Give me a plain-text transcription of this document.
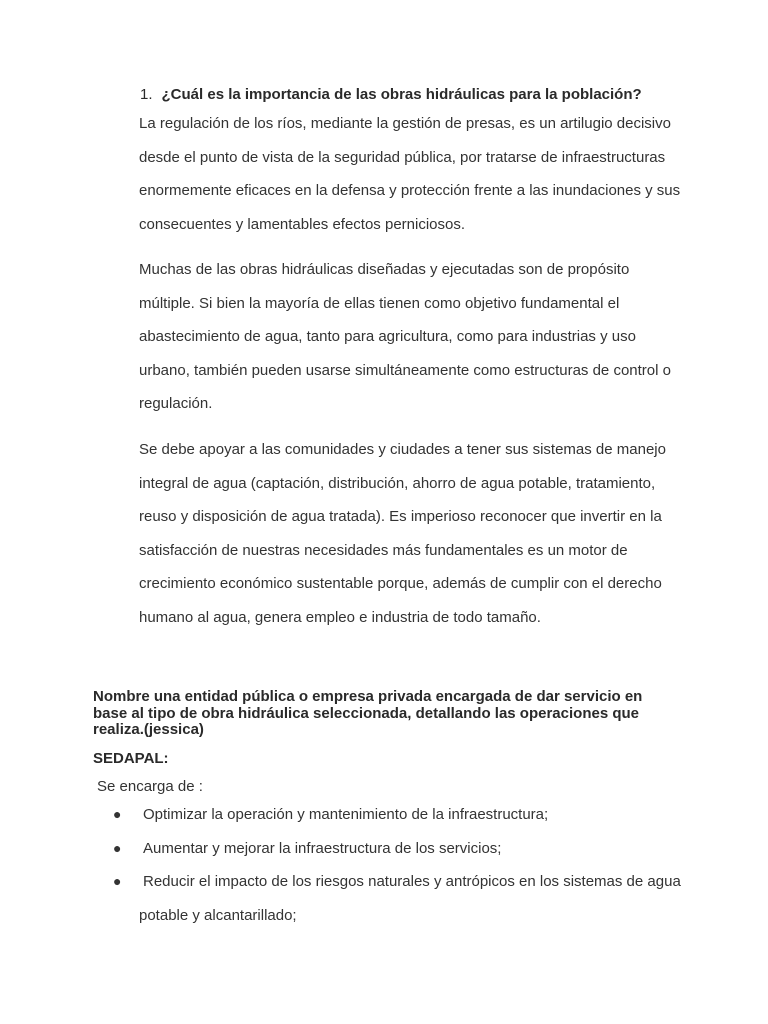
1. ¿Cuál es la importancia de las obras hidráulicas para la población?

La regulación de los ríos, mediante la gestión de presas, es un artilugio decisivo desde el punto de vista de la seguridad pública, por tratarse de infraestructuras enormemente eficaces en la defensa y protección frente a las inundaciones y sus consecuentes y lamentables efectos perniciosos.

Muchas de las obras hidráulicas diseñadas y ejecutadas son de propósito múltiple. Si bien la mayoría de ellas tienen como objetivo fundamental el abastecimiento de agua, tanto para agricultura, como para industrias y uso urbano, también pueden usarse simultáneamente como estructuras de control o regulación.

Se debe apoyar a las comunidades y ciudades a tener sus sistemas de manejo integral de agua (captación, distribución, ahorro de agua potable, tratamiento, reuso y disposición de agua tratada). Es imperioso reconocer que invertir en la satisfacción de nuestras necesidades más fundamentales es un motor de crecimiento económico sustentable porque, además de cumplir con el derecho humano al agua, genera empleo e industria de todo tamaño.

Nombre una entidad pública o empresa privada encargada de dar servicio en base al tipo de obra hidráulica seleccionada, detallando las operaciones que realiza.(jessica)

SEDAPAL:
Se encarga de :
●	Optimizar la operación y mantenimiento de la infraestructura;
●	Aumentar y mejorar la infraestructura de los servicios;
● Reducir el impacto de los riesgos naturales y antrópicos en los sistemas de agua potable y alcantarillado;
